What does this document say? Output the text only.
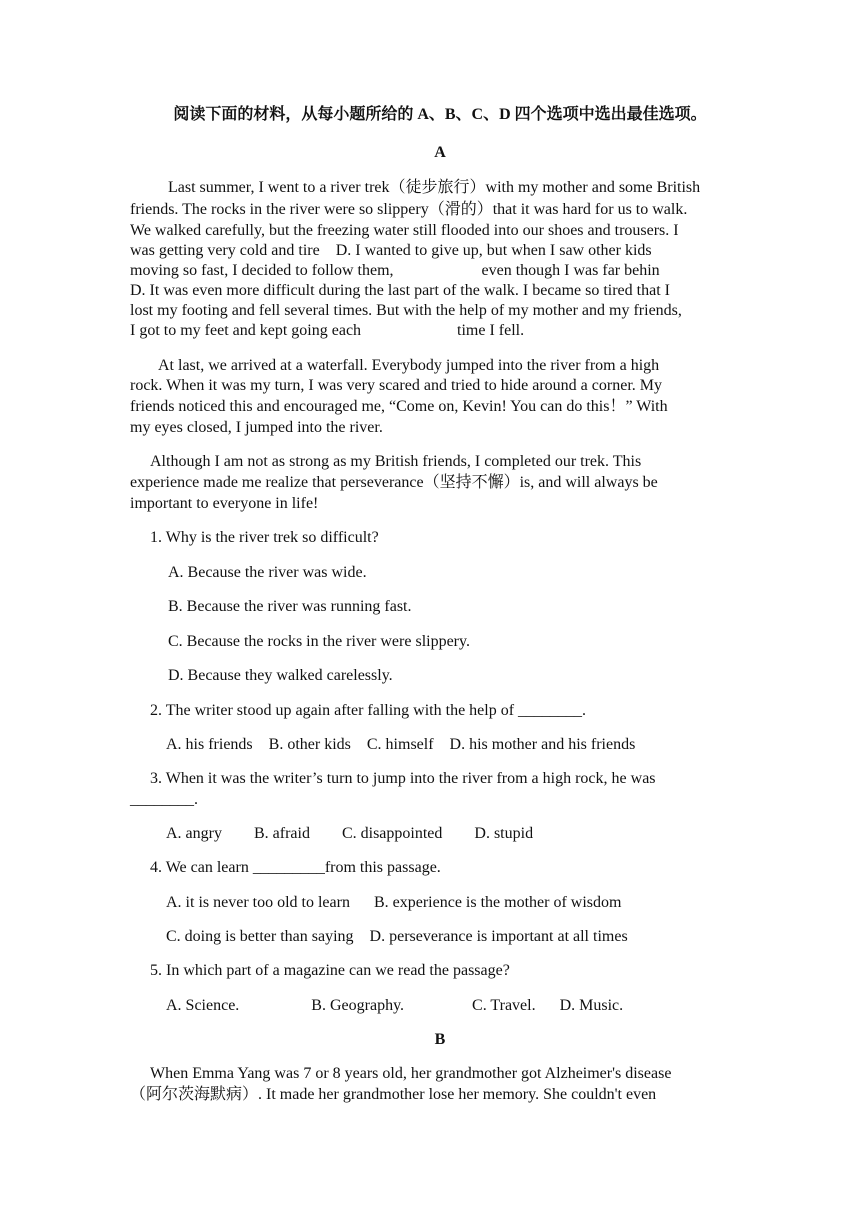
阅读下面的材料，从每小题所给的 A、B、C、D 四个选项中选出最佳选项。
A
Last summer, I went to a river trek（徒步旅行）with my mother and some British
friends. The rocks in the river were so slippery（滑的）that it was hard for us to walk.
We walked carefully, but the freezing water still flooded into our shoes and trousers. I
was getting very cold and tire    D. I wanted to give up, but when I saw other kids
moving so fast, I decided to follow them,                      even though I was far behin
D. It was even more difficult during the last part of the walk. I became so tired that I
lost my footing and fell several times. But with the help of my mother and my friends,
I got to my feet and kept going each                        time I fell.
At last, we arrived at a waterfall. Everybody jumped into the river from a high
rock. When it was my turn, I was very scared and tried to hide around a corner. My
friends noticed this and encouraged me, “Come on, Kevin! You can do this！” With
my eyes closed, I jumped into the river.
Although I am not as strong as my British friends, I completed our trek. This
experience made me realize that perseverance（坚持不懈）is, and will always be
important to everyone in life!
1. Why is the river trek so difficult?
A. Because the river was wide.
B. Because the river was running fast.
C. Because the rocks in the river were slippery.
D. Because they walked carelessly.
2. The writer stood up again after falling with the help of ________.
A. his friends    B. other kids    C. himself    D. his mother and his friends
3. When it was the writer’s turn to jump into the river from a high rock, he was
________.
A. angry        B. afraid        C. disappointed        D. stupid
4. We can learn _________from this passage.
A. it is never too old to learn      B. experience is the mother of wisdom
C. doing is better than saying    D. perseverance is important at all times
5. In which part of a magazine can we read the passage?
A. Science.                  B. Geography.                 C. Travel.      D. Music.
B
When Emma Yang was 7 or 8 years old, her grandmother got Alzheimer's disease
（阿尔茨海默病）. It made her grandmother lose her memory. She couldn't even
